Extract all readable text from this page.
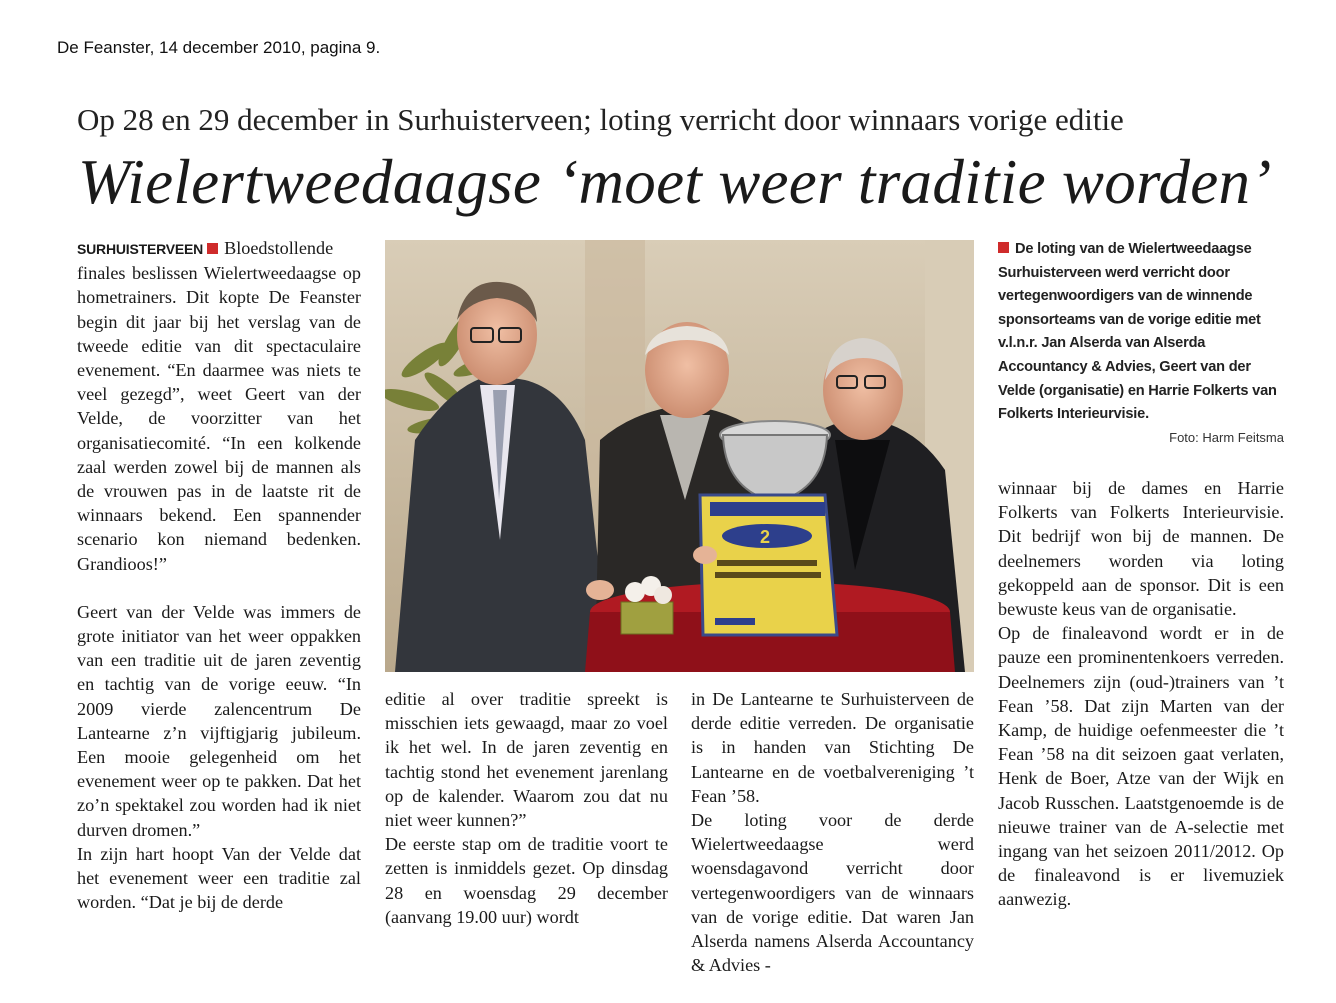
De Feanster, 14 december 2010, pagina 9.
Op 28 en 29 december in Surhuisterveen; loting verricht door winnaars vorige editie
Wielertweedaagse ‘moet weer traditie worden’

SURHUISTERVEEN Bloedstollende finales beslissen Wielertweedaagse op hometrainers. Dit kopte De Feanster begin dit jaar bij het verslag van de tweede editie van dit spectaculaire evenement. “En daarmee was niets te veel gezegd”, weet Geert van der Velde, de voorzitter van het organisatiecomité. “In een kolkende zaal werden zowel bij de mannen als de vrouwen pas in de laatste rit de winnaars bekend. Een spannender scenario kon niemand bedenken. Grandioos!”

Geert van der Velde was immers de grote initiator van het weer oppakken van een traditie uit de jaren zeventig en tachtig van de vorige eeuw. “In 2009 vierde zalencentrum De Lantearne z’n vijftigjarig jubileum. Een mooie gelegenheid om het evenement weer op te pakken. Dat het zo’n spektakel zou worden had ik niet durven dromen.”

In zijn hart hoopt Van der Velde dat het evenement weer een traditie zal worden. “Dat je bij de derde

2
De loting van de Wielertweedaagse Surhuisterveen werd verricht door vertegenwoordigers van de winnende sponsorteams van de vorige editie met v.l.n.r. Jan Alserda van Alserda Accountancy & Advies, Geert van der Velde (organisatie) en Harrie Folkerts van Folkerts Interieurvisie.
Foto: Harm Feitsma

editie al over traditie spreekt is misschien iets gewaagd, maar zo voel ik het wel. In de jaren zeventig en tachtig stond het evenement jarenlang op de kalender. Waarom zou dat nu niet weer kunnen?”

De eerste stap om de traditie voort te zetten is inmiddels gezet. Op dinsdag 28 en woensdag 29 december (aanvang 19.00 uur) wordt

in De Lantearne te Surhuisterveen de derde editie verreden. De organisatie is in handen van Stichting De Lantearne en de voetbalvereniging ’t Fean ’58.

De loting voor de derde Wielertweedaagse werd woensdagavond verricht door vertegenwoordigers van de winnaars van de vorige editie. Dat waren Jan Alserda namens Alserda Accountancy & Advies -

winnaar bij de dames en Harrie Folkerts van Folkerts Interieurvisie. Dit bedrijf won bij de mannen. De deelnemers worden via loting gekoppeld aan de sponsor. Dit is een bewuste keus van de organisatie.

Op de finaleavond wordt er in de pauze een prominentenkoers verreden. Deelnemers zijn (oud-)trainers van ’t Fean ’58. Dat zijn Marten van der Kamp, de huidige oefenmeester die ’t Fean ’58 na dit seizoen gaat verlaten, Henk de Boer, Atze van der Wijk en Jacob Russchen. Laatstgenoemde is de nieuwe trainer van de A-selectie met ingang van het seizoen 2011/2012. Op de finaleavond is er livemuziek aanwezig.
